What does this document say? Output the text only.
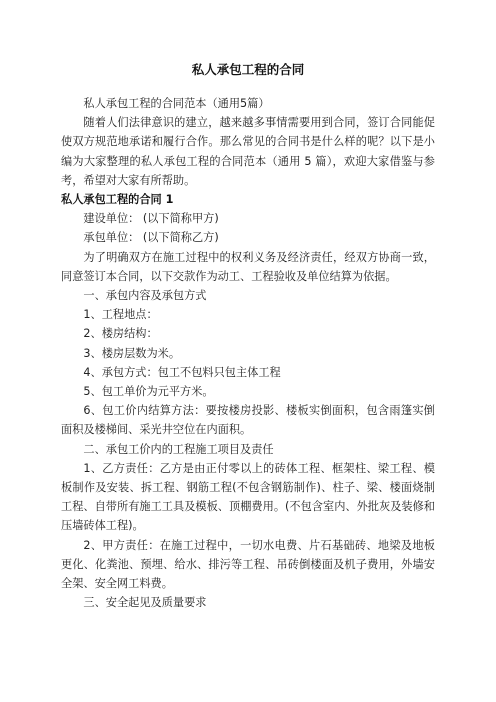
私人承包工程的合同

私人承包工程的合同范本（通用5篇）

随着人们法律意识的建立，越来越多事情需要用到合同，签订合同能促使双方规范地承诺和履行合作。那么常见的合同书是什么样的呢？以下是小编为大家整理的私人承包工程的合同范本（通用 5 篇），欢迎大家借鉴与参考，希望对大家有所帮助。

私人承包工程的合同 1

建设单位： (以下简称甲方)

承包单位： (以下简称乙方)

为了明确双方在施工过程中的权利义务及经济责任，经双方协商一致，同意签订本合同，以下交款作为动工、工程验收及单位结算为依据。

一、承包内容及承包方式

1、工程地点：

2、楼房结构：

3、楼房层数为米。

4、承包方式：包工不包料只包主体工程

5、包工单价为元平方米。

6、包工价内结算方法：要按楼房投影、楼板实倒面积，包含雨篷实倒面积及楼梯间、采光井空位在内面积。

二、承包工价内的工程施工项目及责任

1、乙方责任：乙方是由正付零以上的砖体工程、框架柱、梁工程、模板制作及安装、拆工程、钢筋工程(不包含钢筋制作)、柱子、梁、楼面烧制工程、自带所有施工工具及模板、顶棚费用。(不包含室内、外批灰及装修和压墙砖体工程)。

2、甲方责任：在施工过程中，一切水电费、片石基础砖、地梁及地板更化、化粪池、预埋、给水、排污等工程、吊砖倒楼面及机子费用，外墙安全架、安全网工料费。

三、安全起见及质量要求
